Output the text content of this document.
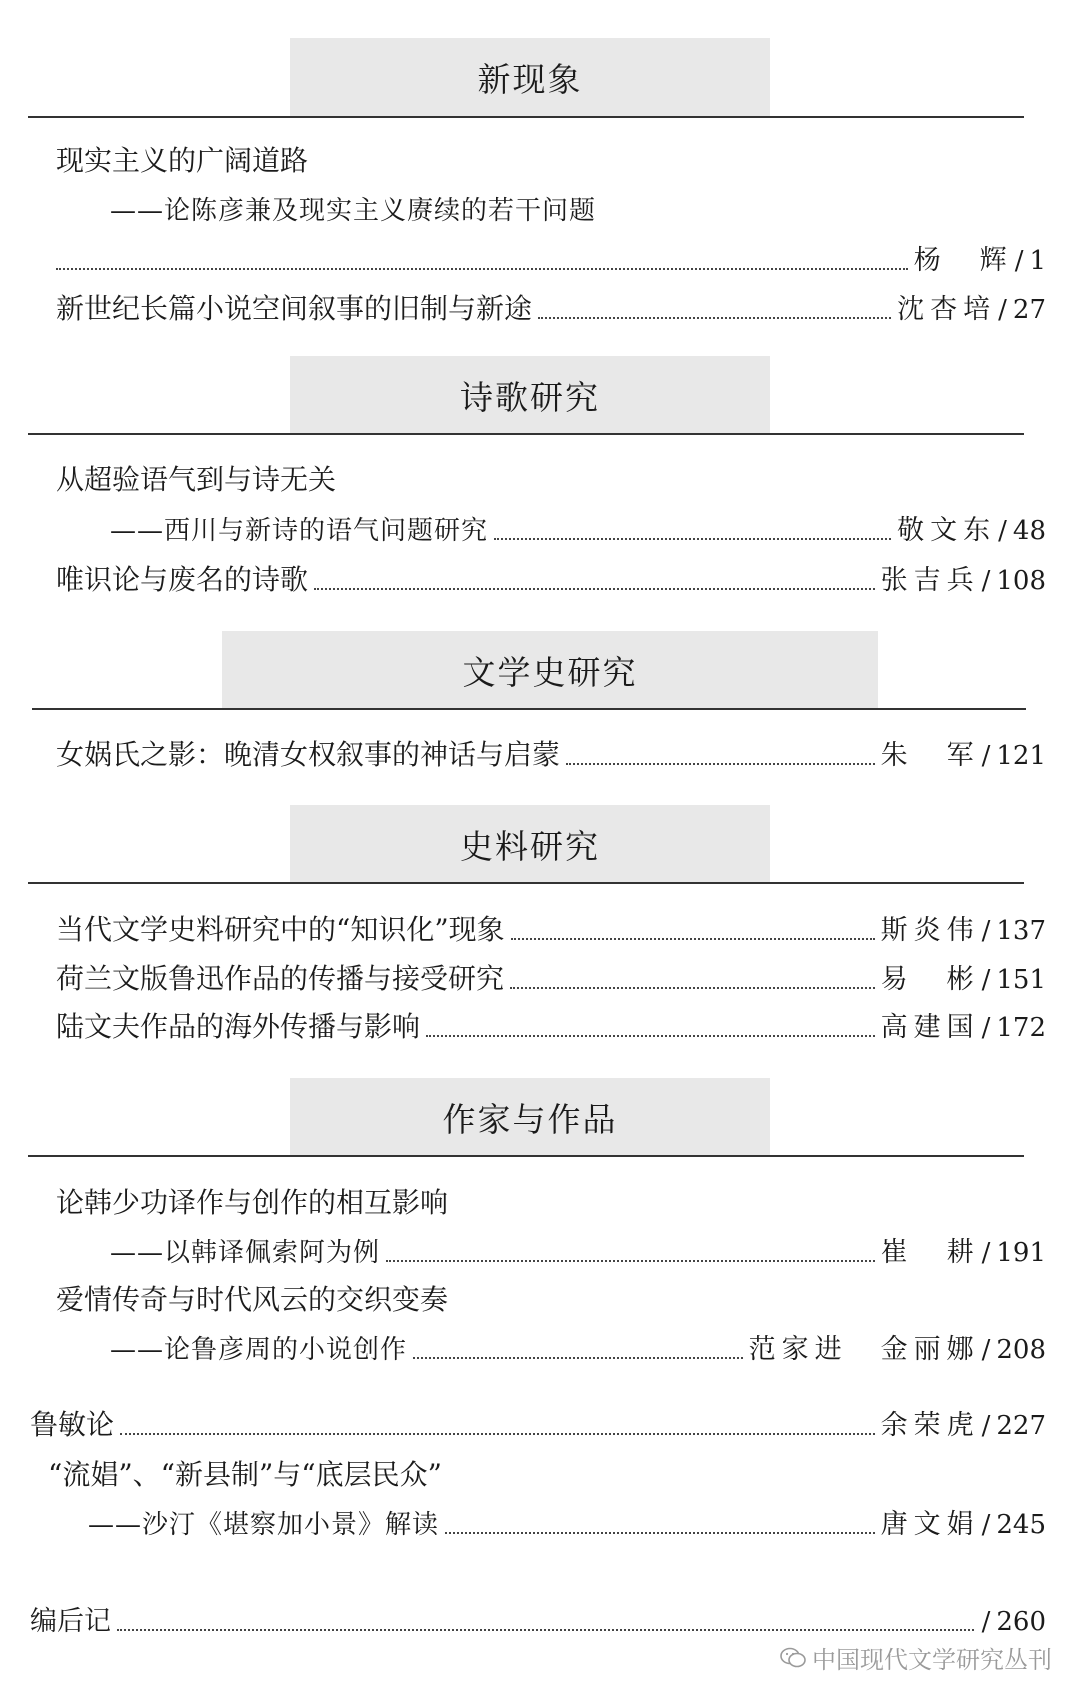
新现象
诗歌研究
文学史研究
史料研究
作家与作品
现实主义的广阔道路
——论陈彦兼及现实主义赓续的若干问题
杨　辉 / 1
新世纪长篇小说空间叙事的旧制与新途	沈杏培 / 27
从超验语气到与诗无关
——西川与新诗的语气问题研究	敬文东 / 48
唯识论与废名的诗歌	张吉兵 / 108
女娲氏之影：晚清女权叙事的神话与启蒙	朱　军 / 121
当代文学史料研究中的“知识化”现象	斯炎伟 / 137
荷兰文版鲁迅作品的传播与接受研究	易　彬 / 151
陆文夫作品的海外传播与影响	高建国 / 172
论韩少功译作与创作的相互影响
——以韩译佩索阿为例	崔　耕 / 191
爱情传奇与时代风云的交织变奏
——论鲁彦周的小说创作	范家进　金丽娜 / 208
鲁敏论	余荣虎 / 227
“流娼”、“新县制”与“底层民众”
——沙汀《堪察加小景》解读	唐文娟 / 245
编后记	/ 260
中国现代文学研究丛刊
